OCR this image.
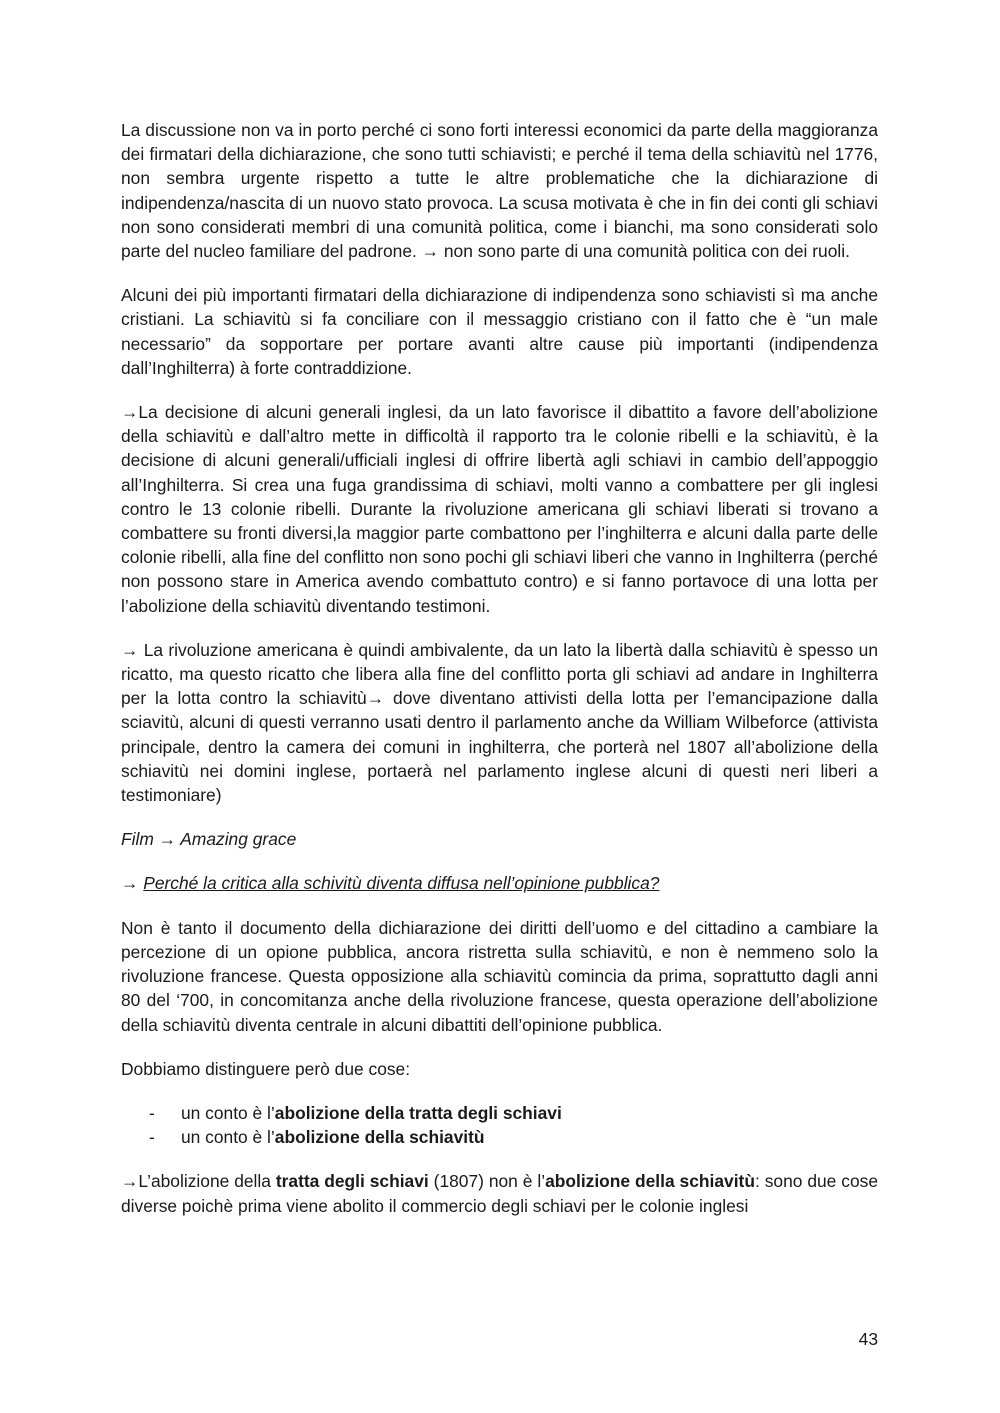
La discussione non va in porto perché ci sono forti interessi economici da parte della maggioranza dei firmatari della dichiarazione, che sono tutti schiavisti; e perché il tema della schiavitù nel 1776, non sembra urgente rispetto a tutte le altre problematiche che la dichiarazione di indipendenza/nascita di un nuovo stato provoca. La scusa motivata è che in fin dei conti gli schiavi non sono considerati membri di una comunità politica, come i bianchi, ma sono considerati solo parte del nucleo familiare del padrone. → non sono parte di una comunità politica con dei ruoli.

Alcuni dei più importanti firmatari della dichiarazione di indipendenza sono schiavisti sì ma anche cristiani. La schiavitù si fa conciliare con il messaggio cristiano con il fatto che è “un male necessario” da sopportare per portare avanti altre cause più importanti (indipendenza dall’Inghilterra) à forte contraddizione.

→La decisione di alcuni generali inglesi, da un lato favorisce il dibattito a favore dell’abolizione della schiavitù e dall’altro mette in difficoltà il rapporto tra le colonie ribelli e la schiavitù, è la decisione di alcuni generali/ufficiali inglesi di offrire libertà agli schiavi in cambio dell’appoggio all’Inghilterra. Si crea una fuga grandissima di schiavi, molti vanno a combattere per gli inglesi contro le 13 colonie ribelli. Durante la rivoluzione americana gli schiavi liberati si trovano a combattere su fronti diversi,la maggior parte combattono per l’inghilterra e alcuni dalla parte delle colonie ribelli, alla fine del conflitto non sono pochi gli schiavi liberi che vanno in Inghilterra (perché non possono stare in America avendo combattuto contro) e si fanno portavoce di una lotta per l’abolizione della schiavitù diventando testimoni.

→ La rivoluzione americana è quindi ambivalente, da un lato la libertà dalla schiavitù è spesso un ricatto, ma questo ricatto che libera alla fine del conflitto porta gli schiavi ad andare in Inghilterra per la lotta contro la schiavitù→ dove diventano attivisti della lotta per l’emancipazione dalla sciavitù, alcuni di questi verranno usati dentro il parlamento anche da William Wilbeforce (attivista principale, dentro la camera dei comuni in inghilterra, che porterà nel 1807 all’abolizione della schiavitù nei domini inglese, portaerà nel parlamento inglese alcuni di questi neri liberi a testimoniare)

Film → Amazing grace

→ Perché la critica alla schivitù diventa diffusa nell’opinione pubblica?

Non è tanto il documento della dichiarazione dei diritti dell’uomo e del cittadino a cambiare la percezione di un opione pubblica, ancora ristretta sulla schiavitù, e non è nemmeno solo la rivoluzione francese. Questa opposizione alla schiavitù comincia da prima, soprattutto dagli anni 80 del ‘700, in concomitanza anche della rivoluzione francese, questa operazione dell’abolizione della schiavitù diventa centrale in alcuni dibattiti dell’opinione pubblica.

Dobbiamo distinguere però due cose:

- un conto è l’abolizione della tratta degli schiavi
- un conto è l’abolizione della schiavitù

→L’abolizione della tratta degli schiavi (1807) non è l’abolizione della schiavitù: sono due cose diverse poichè prima viene abolito il commercio degli schiavi per le colonie inglesi

43
